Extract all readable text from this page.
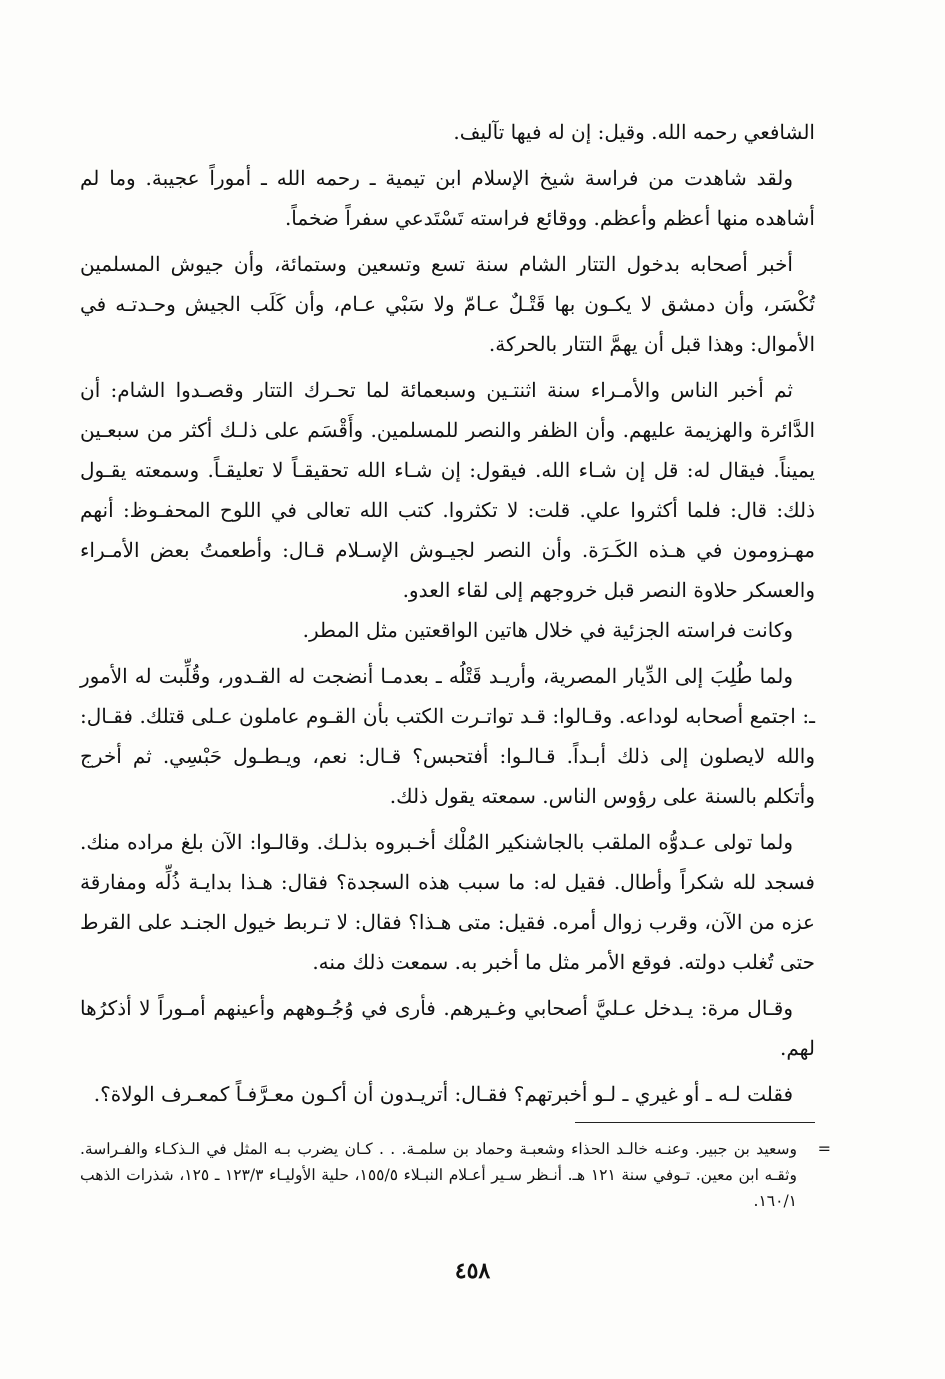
الشافعي رحمه الله. وقيل: إن له فيها تآليف.

ولقد شاهدت من فراسة شيخ الإسلام ابن تيمية ـ رحمه الله ـ أموراً عجيبة. وما لم أشاهده منها أعظم وأعظم. ووقائع فراسته تَسْتَدعي سفراً ضخماً.

أخبر أصحابه بدخول التتار الشام سنة تسع وتسعين وستمائة، وأن جيوش المسلمين تُكْسَر، وأن دمشق لا يكـون بها قَتْـلٌ عـامّ ولا سَبْي عـام، وأن كَلَب الجيش وحـدتـه في الأموال: وهذا قبل أن يهمَّ التتار بالحركة.

ثم أخبر الناس والأمـراء سنة اثنتـين وسبعمائة لما تحـرك التتار وقصـدوا الشام: أن الدَّائرة والهزيمة عليهم. وأن الظفر والنصر للمسلمين. وأَقْسَم على ذلـك أكثر من سبعـين يميناً. فيقال له: قل إن شـاء الله. فيقول: إن شـاء الله تحقيقـاً لا تعليقـاً. وسمعته يقـول ذلك: قال: فلما أكثروا علي. قلت: لا تكثروا. كتب الله تعالى في اللوح المحفـوظ: أنهم مهـزومون في هـذه الكَـرَة. وأن النصر لجيـوش الإسـلام قـال: وأطعمتُ بعض الأمـراء والعسكر حلاوة النصر قبل خروجهم إلى لقاء العدو.

وكانت فراسته الجزئية في خلال هاتين الواقعتين مثل المطر.

ولما طُلِبَ إلى الدِّيار المصرية، وأريـد قَتْلُه ـ بعدمـا أنضجت له القـدور، وقُلِّبت له الأمور ـ: اجتمع أصحابه لوداعه. وقـالوا: قـد تواتـرت الكتب بأن القـوم عاملون عـلى قتلك. فقـال: والله لايصلون إلى ذلك أبـداً. قـالـوا: أفتحبس؟ قـال: نعم، ويـطـول حَبْسِي. ثم أخرج وأتكلم بالسنة على رؤوس الناس. سمعته يقول ذلك.

ولما تولى عـدوُّه الملقب بالجاشنكير المُلْك أخـبروه بذلـك. وقالـوا: الآن بلغ مراده منك. فسجد لله شكراً وأطال. فقيل له: ما سبب هذه السجدة؟ فقال: هـذا بدايـة ذُلِّه ومفارقة عزه من الآن، وقرب زوال أمره. فقيل: متى هـذا؟ فقال: لا تـربط خيول الجنـد على القرط حتى تُغلب دولته. فوقع الأمر مثل ما أخبر به. سمعت ذلك منه.

وقـال مرة: يـدخل عـليَّ أصحابي وغـيرهم. فأرى في وُجُـوههم وأعينهم أمـوراً لا أذكرُها لهم.

فقلت لـه ـ أو غيري ـ لـو أخبرتهم؟ فقـال: أتريـدون أن أكـون معـرَّفـاً كمعـرف الولاة؟.

=
وسعيد بن جبير. وعنـه خالـد الحذاء وشعبـة وحماد بن سلمـة. . . كـان يضرب بـه المثل في الـذكـاء والفـراسة. وثقـه ابن معين. تـوفي سنة ١٢١ هـ. أنـظر سـير أعـلام النبـلاء ١٥٥/٥، حلية الأوليـاء ١٢٣/٣ ـ ١٢٥، شذرات الذهب ١٦٠/١.
٤٥٨
